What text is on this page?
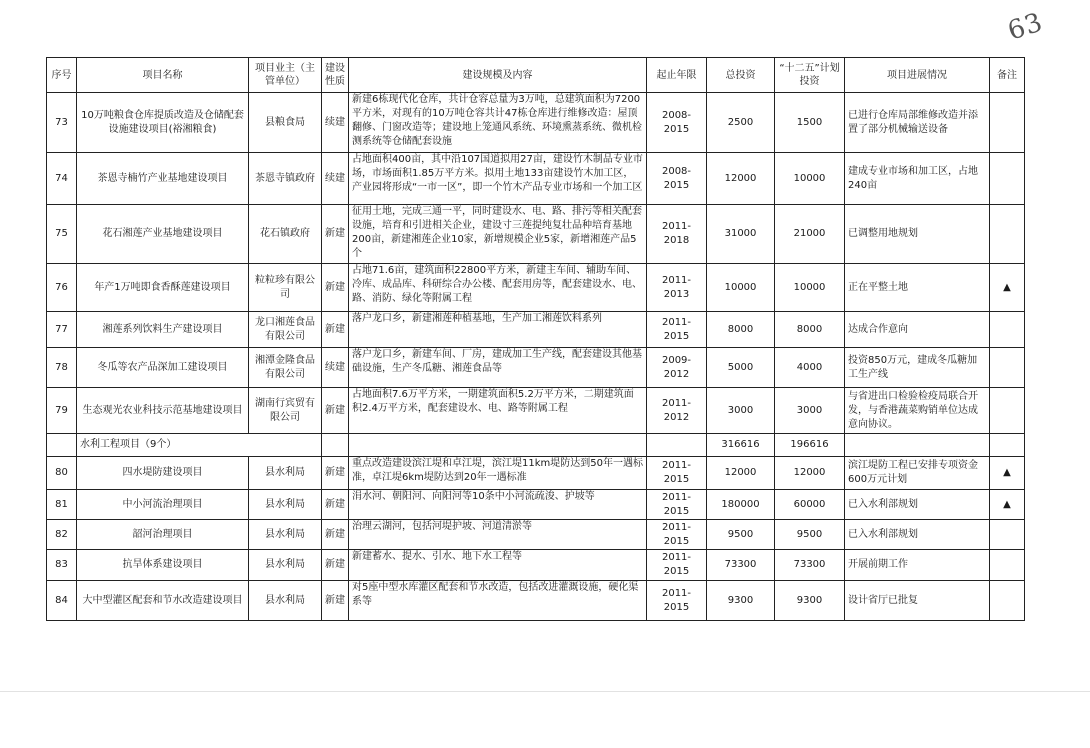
63
序号	项目名称	项目业主（主管单位）	建设性质	建设规模及内容	起止年限	总投资	“十二五”计划投资	项目进展情况	备注
73	10万吨粮食仓库提质改造及仓储配套设施建设项目(裕湘粮食)	县粮食局	续建	新建6栋现代化仓库，共计仓容总量为3万吨，总建筑面积为7200平方米，对现有的10万吨仓容共计47栋仓库进行维修改造：屋顶翻修、门窗改造等；建设地上笼通风系统、环境熏蒸系统、微机检测系统等仓储配套设施	2008-2015	2500	1500	已进行仓库局部维修改造并添置了部分机械输送设备	
74	茶恩寺楠竹产业基地建设项目	茶恩寺镇政府	续建	占地面积400亩，其中沿107国道拟用27亩，建设竹木制品专业市场，市场面积1.85万平方米。拟用土地133亩建设竹木加工区，产业园将形成“一市一区”，即一个竹木产品专业市场和一个加工区	2008-2015	12000	10000	建成专业市场和加工区，占地240亩	
75	花石湘莲产业基地建设项目	花石镇政府	新建	征用土地，完成三通一平，同时建设水、电、路、排污等相关配套设施，培育和引进相关企业，建设寸三莲提纯复壮品种培育基地200亩，新建湘莲企业10家，新增规模企业5家，新增湘莲产品5个	2011-2018	31000	21000	已调整用地规划	
76	年产1万吨即食香酥莲建设项目	粒粒珍有限公司	新建	占地71.6亩，建筑面积22800平方米，新建主车间、辅助车间、冷库、成品库、科研综合办公楼、配套用房等，配套建设水、电、路、消防、绿化等附属工程	2011-2013	10000	10000	正在平整土地	▲
77	湘莲系列饮料生产建设项目	龙口湘莲食品有限公司	新建	落户龙口乡，新建湘莲种植基地，生产加工湘莲饮料系列	2011-2015	8000	8000	达成合作意向	
78	冬瓜等农产品深加工建设项目	湘潭金隆食品有限公司	续建	落户龙口乡，新建车间、厂房，建成加工生产线，配套建设其他基础设施，生产冬瓜糖、湘莲食品等	2009-2012	5000	4000	投资850万元，建成冬瓜糖加工生产线	
79	生态观光农业科技示范基地建设项目	湖南行宾贸有限公司	新建	占地面积7.6万平方米，一期建筑面积5.2万平方米，二期建筑面积2.4万平方米，配套建设水、电、路等附属工程	2011-2012	3000	3000	与省进出口检验检疫局联合开发，与香港蔬菜购销单位达成意向协议。	
	水利工程项目（9个）					316616	196616		
80	四水堤防建设项目	县水利局	新建	重点改造建设滨江堤和卓江堤，滨江堤11km堤防达到50年一遇标准，卓江堤6km堤防达到20年一遇标准	2011-2015	12000	12000	滨江堤防工程已安排专项资金600万元计划	▲
81	中小河流治理项目	县水利局	新建	涓水河、朝阳河、向阳河等10条中小河流疏浚、护坡等	2011-2015	180000	60000	已入水利部规划	▲
82	韶河治理项目	县水利局	新建	治理云湖河，包括河堤护坡、河道清淤等	2011-2015	9500	9500	已入水利部规划	
83	抗旱体系建设项目	县水利局	新建	新建蓄水、提水、引水、地下水工程等	2011-2015	73300	73300	开展前期工作	
84	大中型灌区配套和节水改造建设项目	县水利局	新建	对5座中型水库灌区配套和节水改造，包括改进灌溉设施，硬化渠系等	2011-2015	9300	9300	设计省厅已批复	
